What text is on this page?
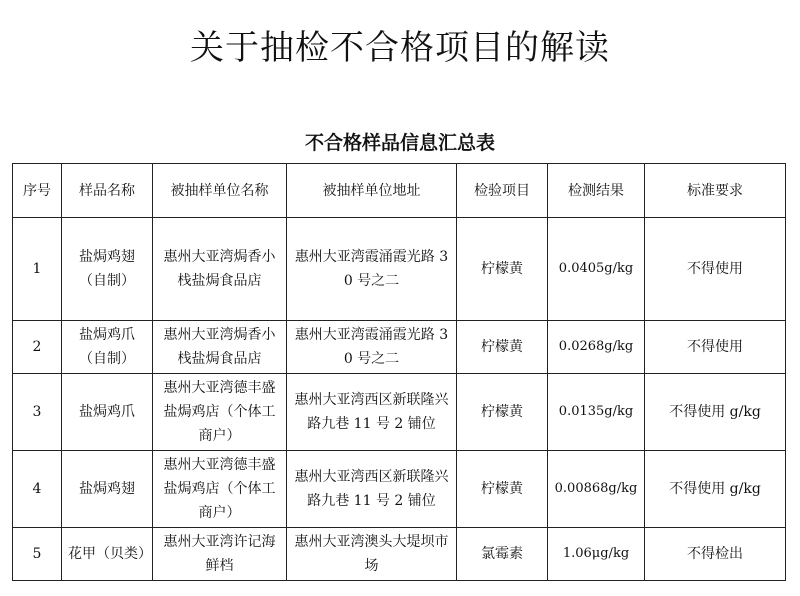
关于抽检不合格项目的解读
不合格样品信息汇总表
序号	样品名称	被抽样单位名称	被抽样单位地址	检验项目	检测结果	标准要求
1	盐焗鸡翅（自制）	惠州大亚湾焗香小栈盐焗食品店	惠州大亚湾霞涌霞光路 30 号之二	柠檬黄	0.0405g/kg	不得使用
2	盐焗鸡爪（自制）	惠州大亚湾焗香小栈盐焗食品店	惠州大亚湾霞涌霞光路 30 号之二	柠檬黄	0.0268g/kg	不得使用
3	盐焗鸡爪	惠州大亚湾德丰盛盐焗鸡店（个体工商户）	惠州大亚湾西区新联隆兴路九巷 11 号 2 铺位	柠檬黄	0.0135g/kg	不得使用 g/kg
4	盐焗鸡翅	惠州大亚湾德丰盛盐焗鸡店（个体工商户）	惠州大亚湾西区新联隆兴路九巷 11 号 2 铺位	柠檬黄	0.00868g/kg	不得使用 g/kg
5	花甲（贝类）	惠州大亚湾许记海鲜档	惠州大亚湾澳头大堤坝市场	氯霉素	1.06μg/kg	不得检出
